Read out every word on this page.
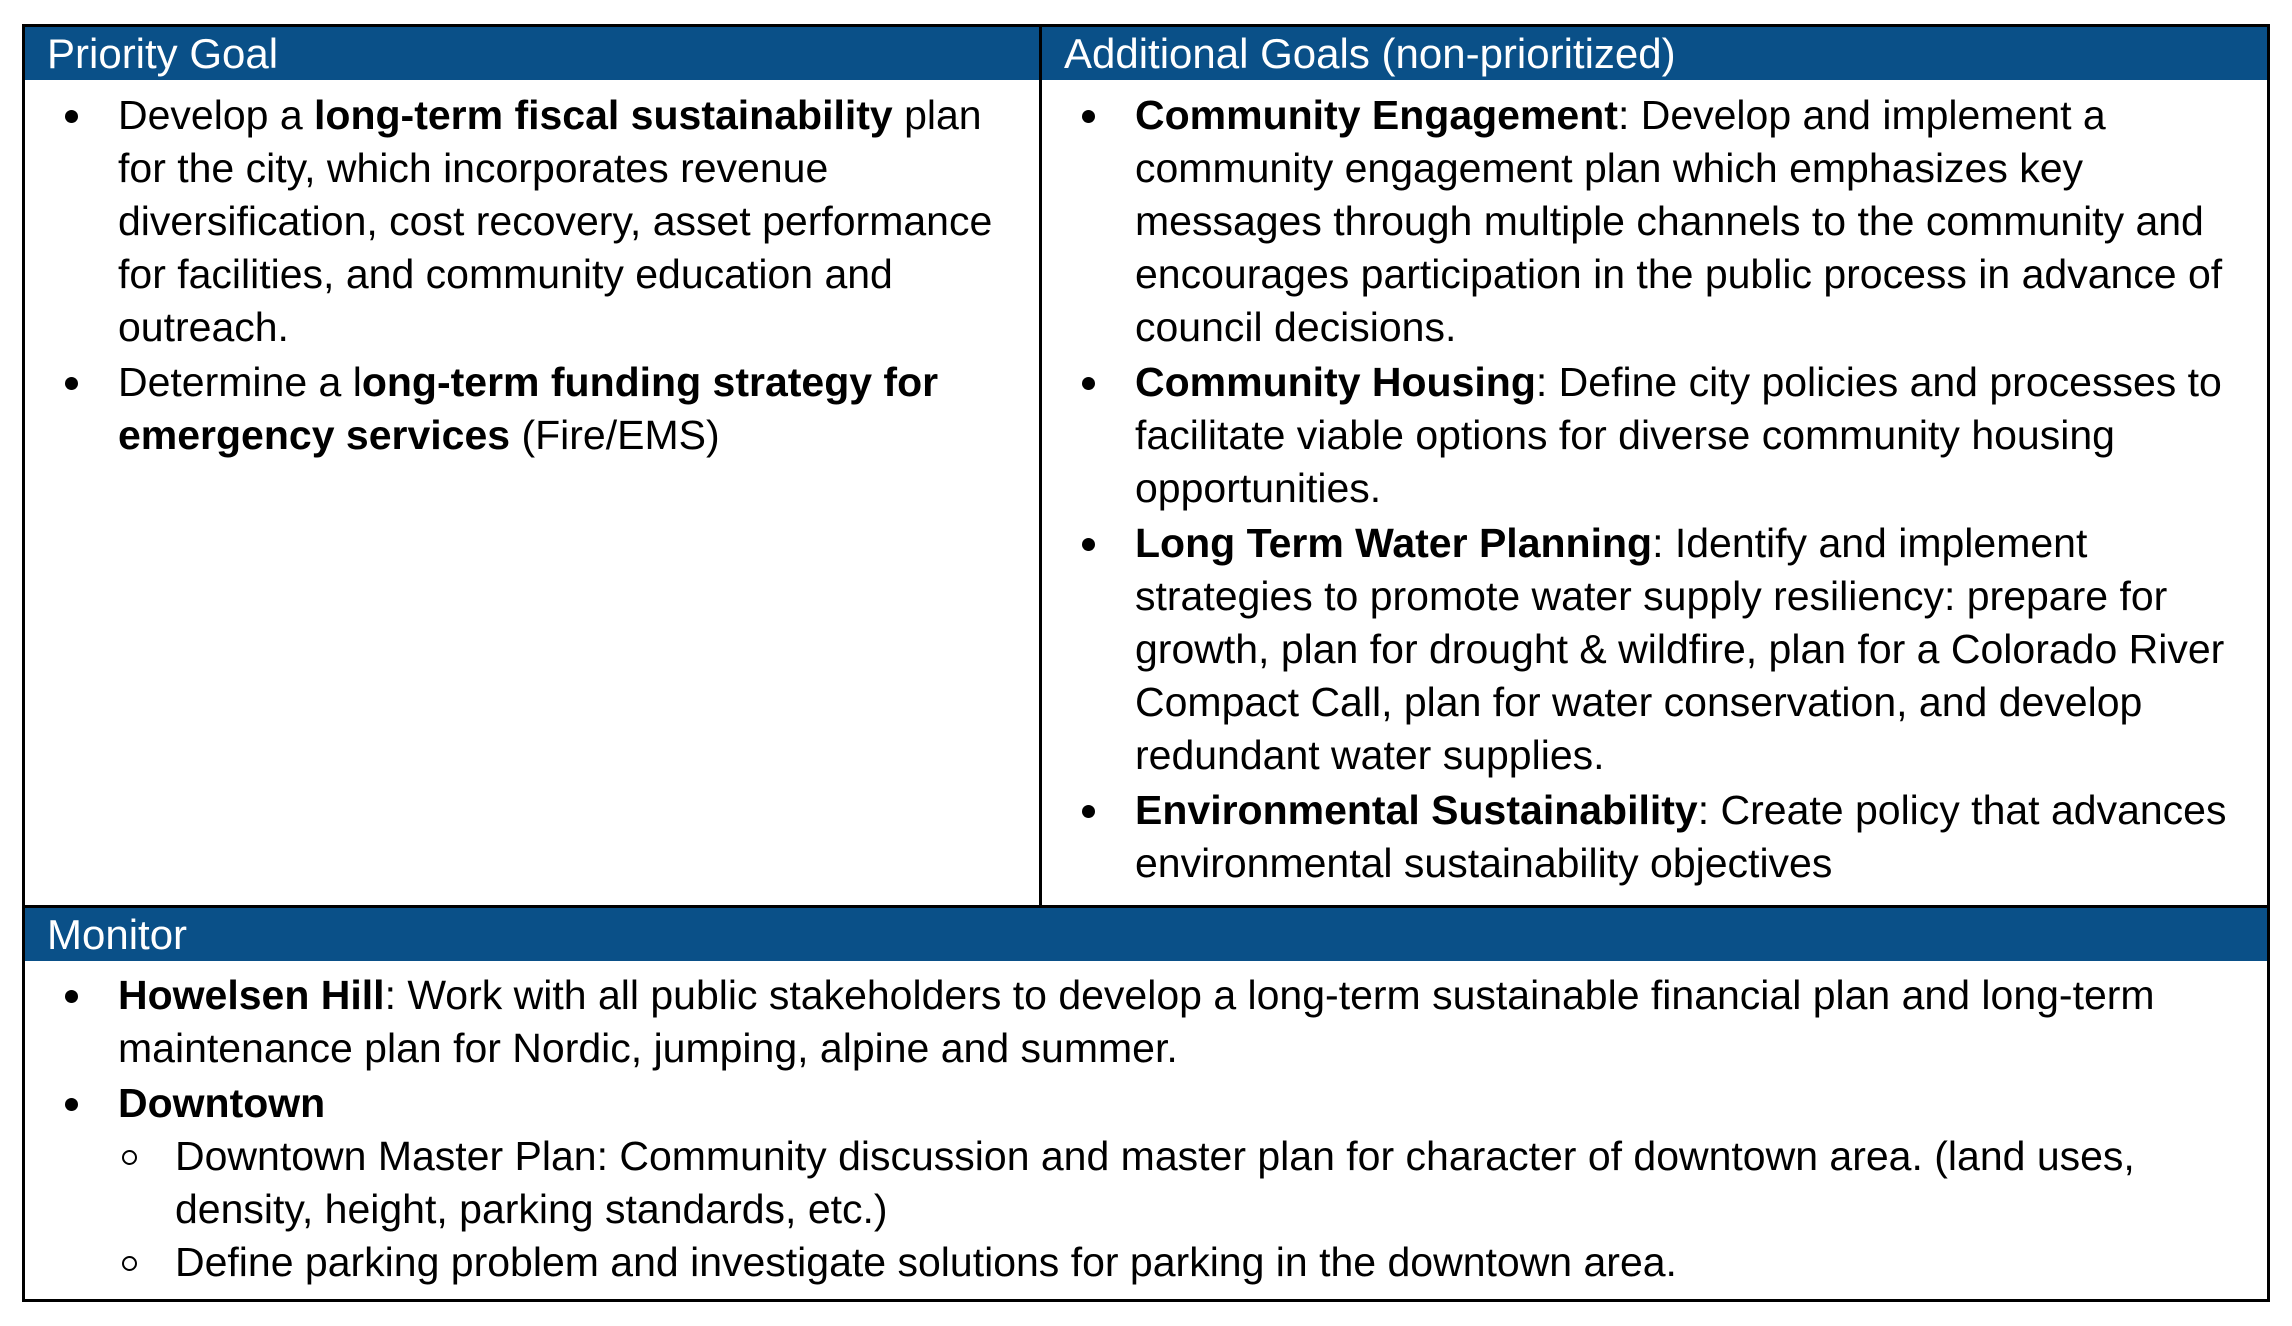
Priority Goal	Additional Goals (non-prioritized)
Develop a long-term fiscal sustainability plan for the city, which incorporates revenue diversification, cost recovery, asset performance for facilities, and community education and outreach.
Determine a long-term funding strategy for emergency services (Fire/EMS)
Community Engagement: Develop and implement a community engagement plan which emphasizes key messages through multiple channels to the community and encourages participation in the public process in advance of council decisions.
Community Housing: Define city policies and processes to facilitate viable options for diverse community housing opportunities.
Long Term Water Planning: Identify and implement strategies to promote water supply resiliency: prepare for growth, plan for drought & wildfire, plan for a Colorado River Compact Call, plan for water conservation, and develop redundant water supplies.
Environmental Sustainability: Create policy that advances environmental sustainability objectives
Monitor
Howelsen Hill: Work with all public stakeholders to develop a long-term sustainable financial plan and long-term maintenance plan for Nordic, jumping, alpine and summer.
Downtown
Downtown Master Plan: Community discussion and master plan for character of downtown area. (land uses, density, height, parking standards, etc.)
Define parking problem and investigate solutions for parking in the downtown area.
